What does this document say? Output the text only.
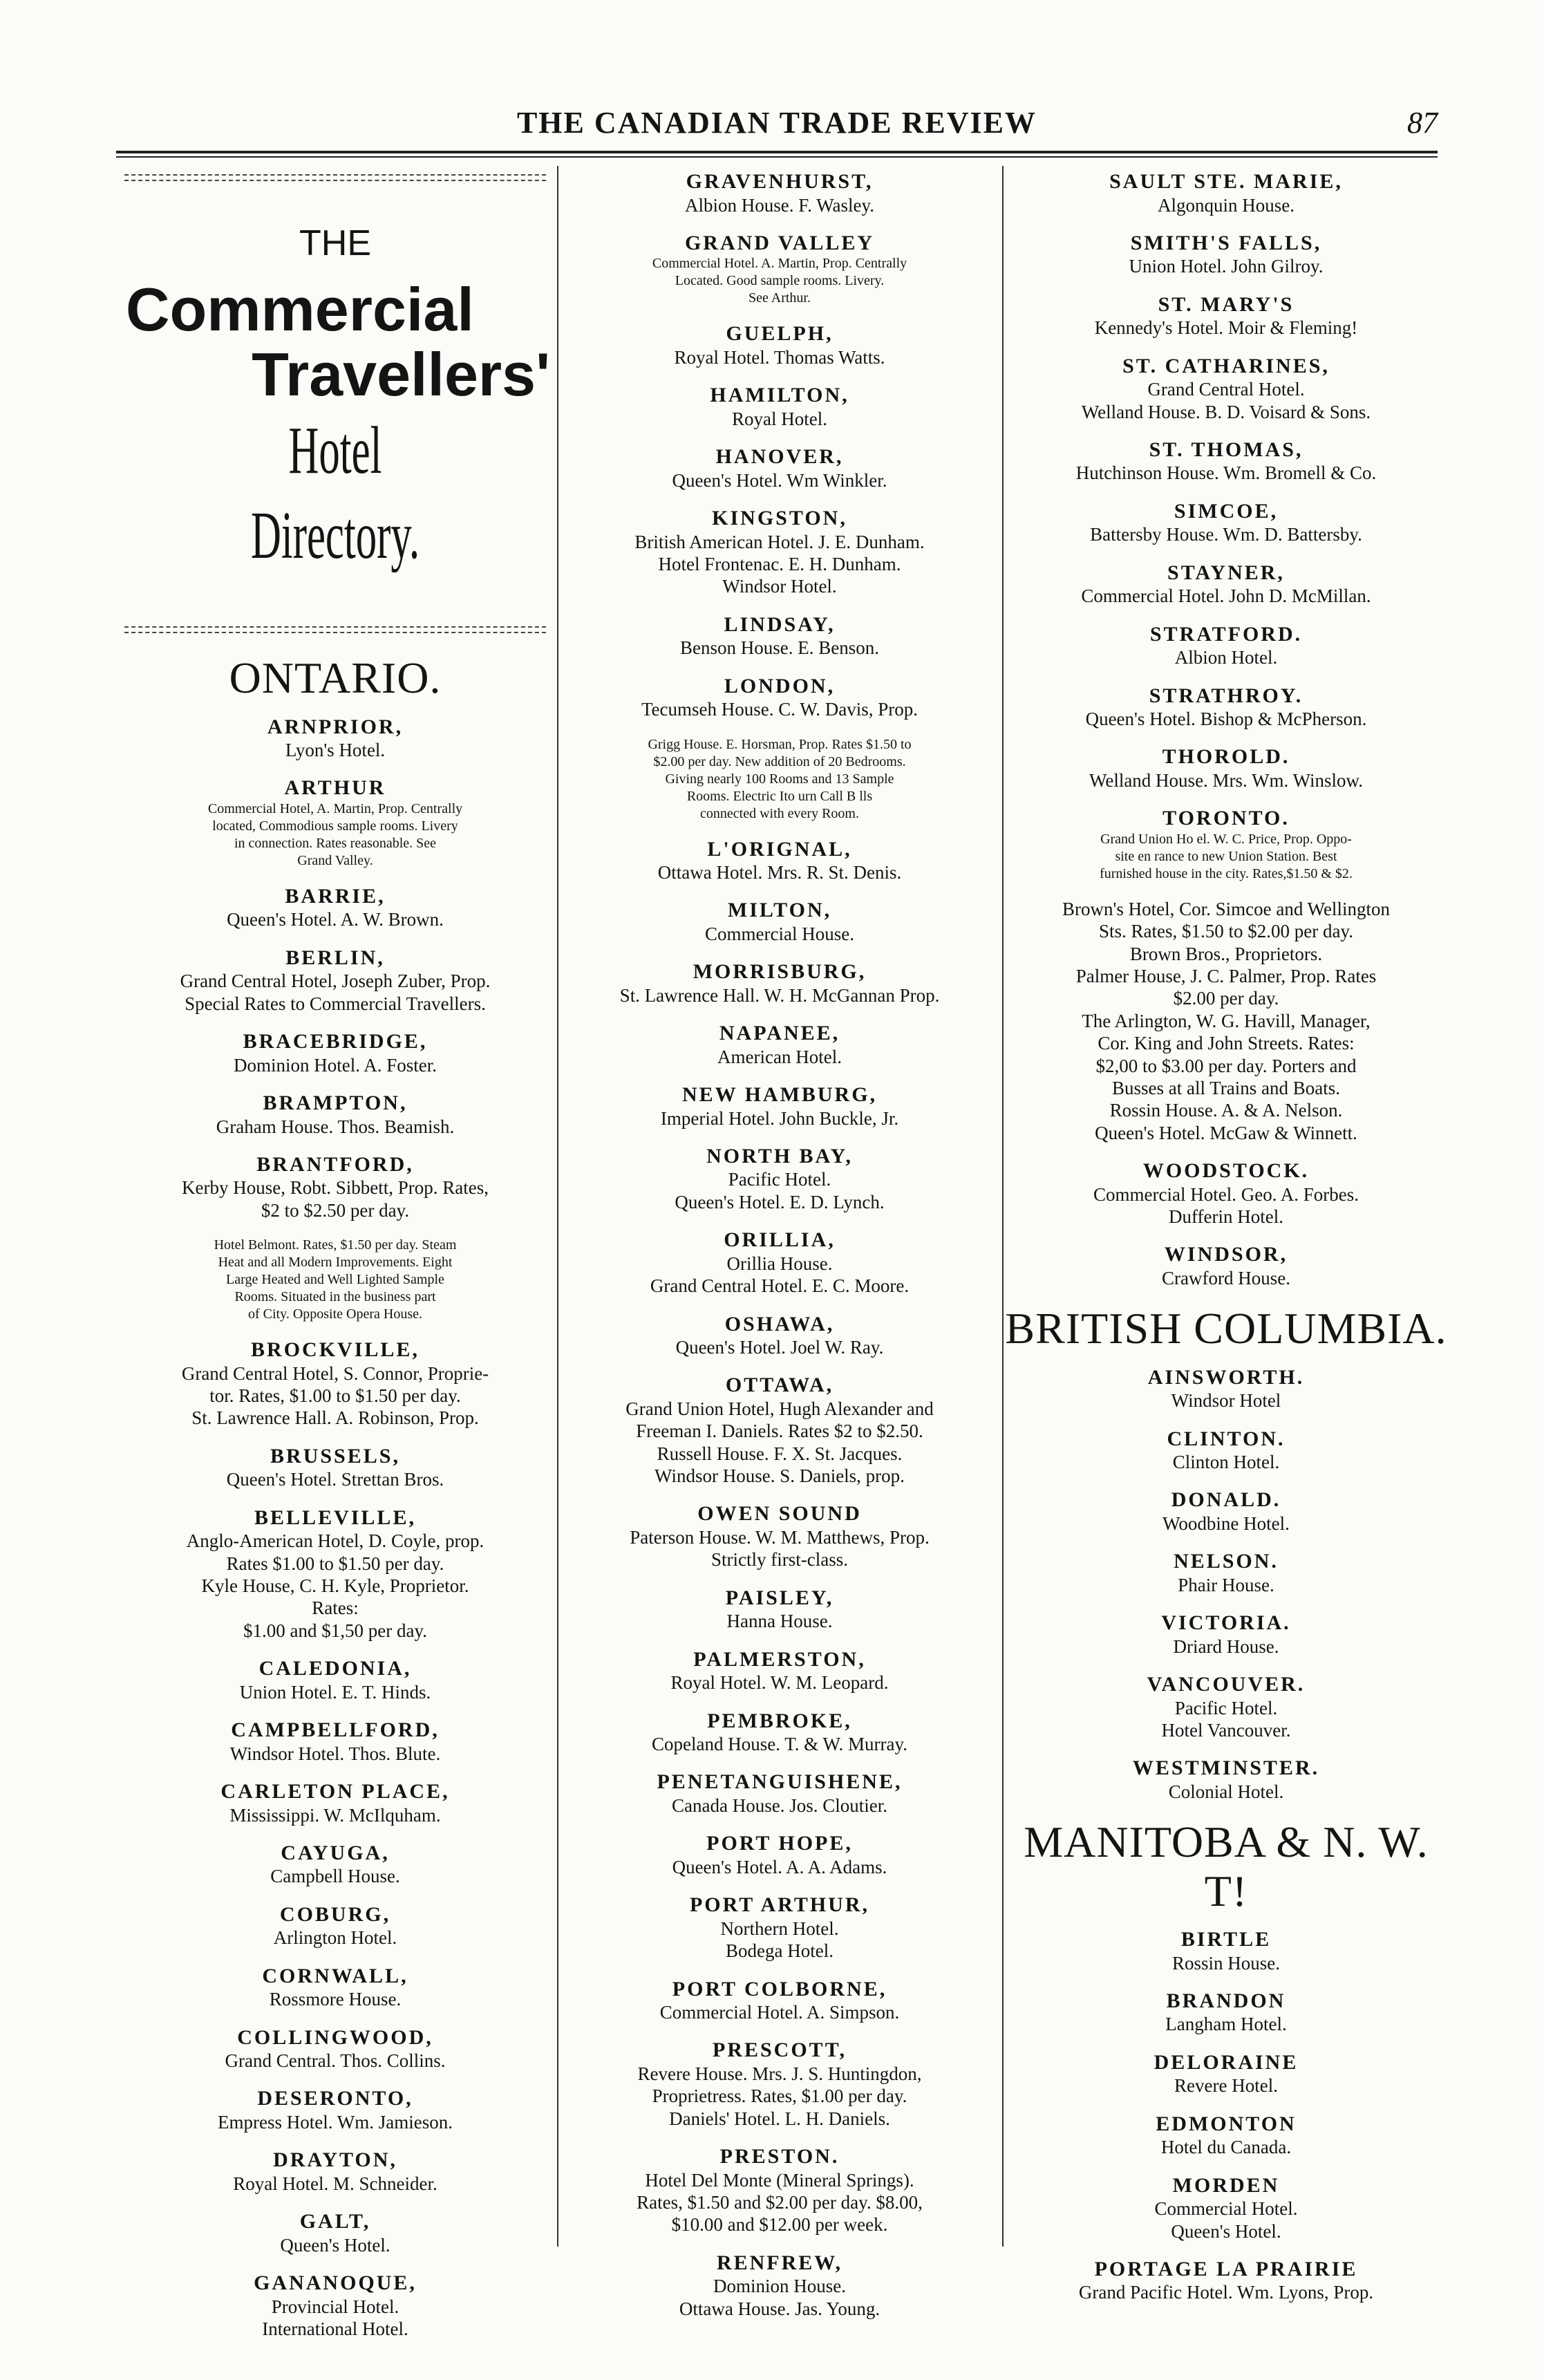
THE CANADIAN TRADE REVIEW	87
THE
Commercial
Travellers'
Hotel Directory.
ONTARIO.
ARNPRIOR,
Lyon's Hotel.
ARTHUR
Commercial Hotel, A. Martin, Prop. Centrally
located, Commodious sample rooms. Livery
in connection. Rates reasonable. See
Grand Valley.
BARRIE,
Queen's Hotel. A. W. Brown.
BERLIN,
Grand Central Hotel, Joseph Zuber, Prop.
Special Rates to Commercial Travellers.
BRACEBRIDGE,
Dominion Hotel. A. Foster.
BRAMPTON,
Graham House. Thos. Beamish.
BRANTFORD,
Kerby House, Robt. Sibbett, Prop. Rates,
$2 to $2.50 per day.
Hotel Belmont. Rates, $1.50 per day. Steam
Heat and all Modern Improvements. Eight
Large Heated and Well Lighted Sample
Rooms. Situated in the business part
of City. Opposite Opera House.
BROCKVILLE,
Grand Central Hotel, S. Connor, Proprie-
tor. Rates, $1.00 to $1.50 per day.
St. Lawrence Hall. A. Robinson, Prop.
BRUSSELS,
Queen's Hotel. Strettan Bros.
BELLEVILLE,
Anglo-American Hotel, D. Coyle, prop.
Rates $1.00 to $1.50 per day.
Kyle House, C. H. Kyle, Proprietor.
Rates:
$1.00 and $1,50 per day.
CALEDONIA,
Union Hotel. E. T. Hinds.
CAMPBELLFORD,
Windsor Hotel. Thos. Blute.
CARLETON PLACE,
Mississippi. W. McIlquham.
CAYUGA,
Campbell House.
COBURG,
Arlington Hotel.
CORNWALL,
Rossmore House.
COLLINGWOOD,
Grand Central. Thos. Collins.
DESERONTO,
Empress Hotel. Wm. Jamieson.
DRAYTON,
Royal Hotel. M. Schneider.
GALT,
Queen's Hotel.
GANANOQUE,
Provincial Hotel.
International Hotel.
GRAVENHURST,
Albion House. F. Wasley.
GRAND VALLEY
Commercial Hotel. A. Martin, Prop. Centrally
Located. Good sample rooms. Livery.
See Arthur.
GUELPH,
Royal Hotel. Thomas Watts.
HAMILTON,
Royal Hotel.
HANOVER,
Queen's Hotel. Wm Winkler.
KINGSTON,
British American Hotel. J. E. Dunham.
Hotel Frontenac. E. H. Dunham.
Windsor Hotel.
LINDSAY,
Benson House. E. Benson.
LONDON,
Tecumseh House. C. W. Davis, Prop.
Grigg House. E. Horsman, Prop. Rates $1.50 to
$2.00 per day. New addition of 20 Bedrooms.
Giving nearly 100 Rooms and 13 Sample
Rooms. Electric Ito urn Call B lls
connected with every Room.
L'ORIGNAL,
Ottawa Hotel. Mrs. R. St. Denis.
MILTON,
Commercial House.
MORRISBURG,
St. Lawrence Hall. W. H. McGannan Prop.
NAPANEE,
American Hotel.
NEW HAMBURG,
Imperial Hotel. John Buckle, Jr.
NORTH BAY,
Pacific Hotel.
Queen's Hotel. E. D. Lynch.
ORILLIA,
Orillia House.
Grand Central Hotel. E. C. Moore.
OSHAWA,
Queen's Hotel. Joel W. Ray.
OTTAWA,
Grand Union Hotel, Hugh Alexander and
Freeman I. Daniels. Rates $2 to $2.50.
Russell House. F. X. St. Jacques.
Windsor House. S. Daniels, prop.
OWEN SOUND
Paterson House. W. M. Matthews, Prop.
Strictly first-class.
PAISLEY,
Hanna House.
PALMERSTON,
Royal Hotel. W. M. Leopard.
PEMBROKE,
Copeland House. T. & W. Murray.
PENETANGUISHENE,
Canada House. Jos. Cloutier.
PORT HOPE,
Queen's Hotel. A. A. Adams.
PORT ARTHUR,
Northern Hotel.
Bodega Hotel.
PORT COLBORNE,
Commercial Hotel. A. Simpson.
PRESCOTT,
Revere House. Mrs. J. S. Huntingdon,
Proprietress. Rates, $1.00 per day.
Daniels' Hotel. L. H. Daniels.
PRESTON.
Hotel Del Monte (Mineral Springs).
Rates, $1.50 and $2.00 per day. $8.00,
$10.00 and $12.00 per week.
RENFREW,
Dominion House.
Ottawa House. Jas. Young.
SAULT STE. MARIE,
Algonquin House.
SMITH'S FALLS,
Union Hotel. John Gilroy.
ST. MARY'S
Kennedy's Hotel. Moir & Fleming!
ST. CATHARINES,
Grand Central Hotel.
Welland House. B. D. Voisard & Sons.
ST. THOMAS,
Hutchinson House. Wm. Bromell & Co.
SIMCOE,
Battersby House. Wm. D. Battersby.
STAYNER,
Commercial Hotel. John D. McMillan.
STRATFORD.
Albion Hotel.
STRATHROY.
Queen's Hotel. Bishop & McPherson.
THOROLD.
Welland House. Mrs. Wm. Winslow.
TORONTO.
Grand Union Ho el. W. C. Price, Prop. Oppo-
site en rance to new Union Station. Best
furnished house in the city. Rates,$1.50 & $2.
Brown's Hotel, Cor. Simcoe and Wellington
Sts. Rates, $1.50 to $2.00 per day.
Brown Bros., Proprietors.
Palmer House, J. C. Palmer, Prop. Rates
$2.00 per day.
The Arlington, W. G. Havill, Manager,
Cor. King and John Streets. Rates:
$2,00 to $3.00 per day. Porters and
Busses at all Trains and Boats.
Rossin House. A. & A. Nelson.
Queen's Hotel. McGaw & Winnett.
WOODSTOCK.
Commercial Hotel. Geo. A. Forbes.
Dufferin Hotel.
WINDSOR,
Crawford House.
BRITISH COLUMBIA.
AINSWORTH.
Windsor Hotel
CLINTON.
Clinton Hotel.
DONALD.
Woodbine Hotel.
NELSON.
Phair House.
VICTORIA.
Driard House.
VANCOUVER.
Pacific Hotel.
Hotel Vancouver.
WESTMINSTER.
Colonial Hotel.
MANITOBA & N. W. T!
BIRTLE
Rossin House.
BRANDON
Langham Hotel.
DELORAINE
Revere Hotel.
EDMONTON
Hotel du Canada.
MORDEN
Commercial Hotel.
Queen's Hotel.
PORTAGE LA PRAIRIE
Grand Pacific Hotel. Wm. Lyons, Prop.
